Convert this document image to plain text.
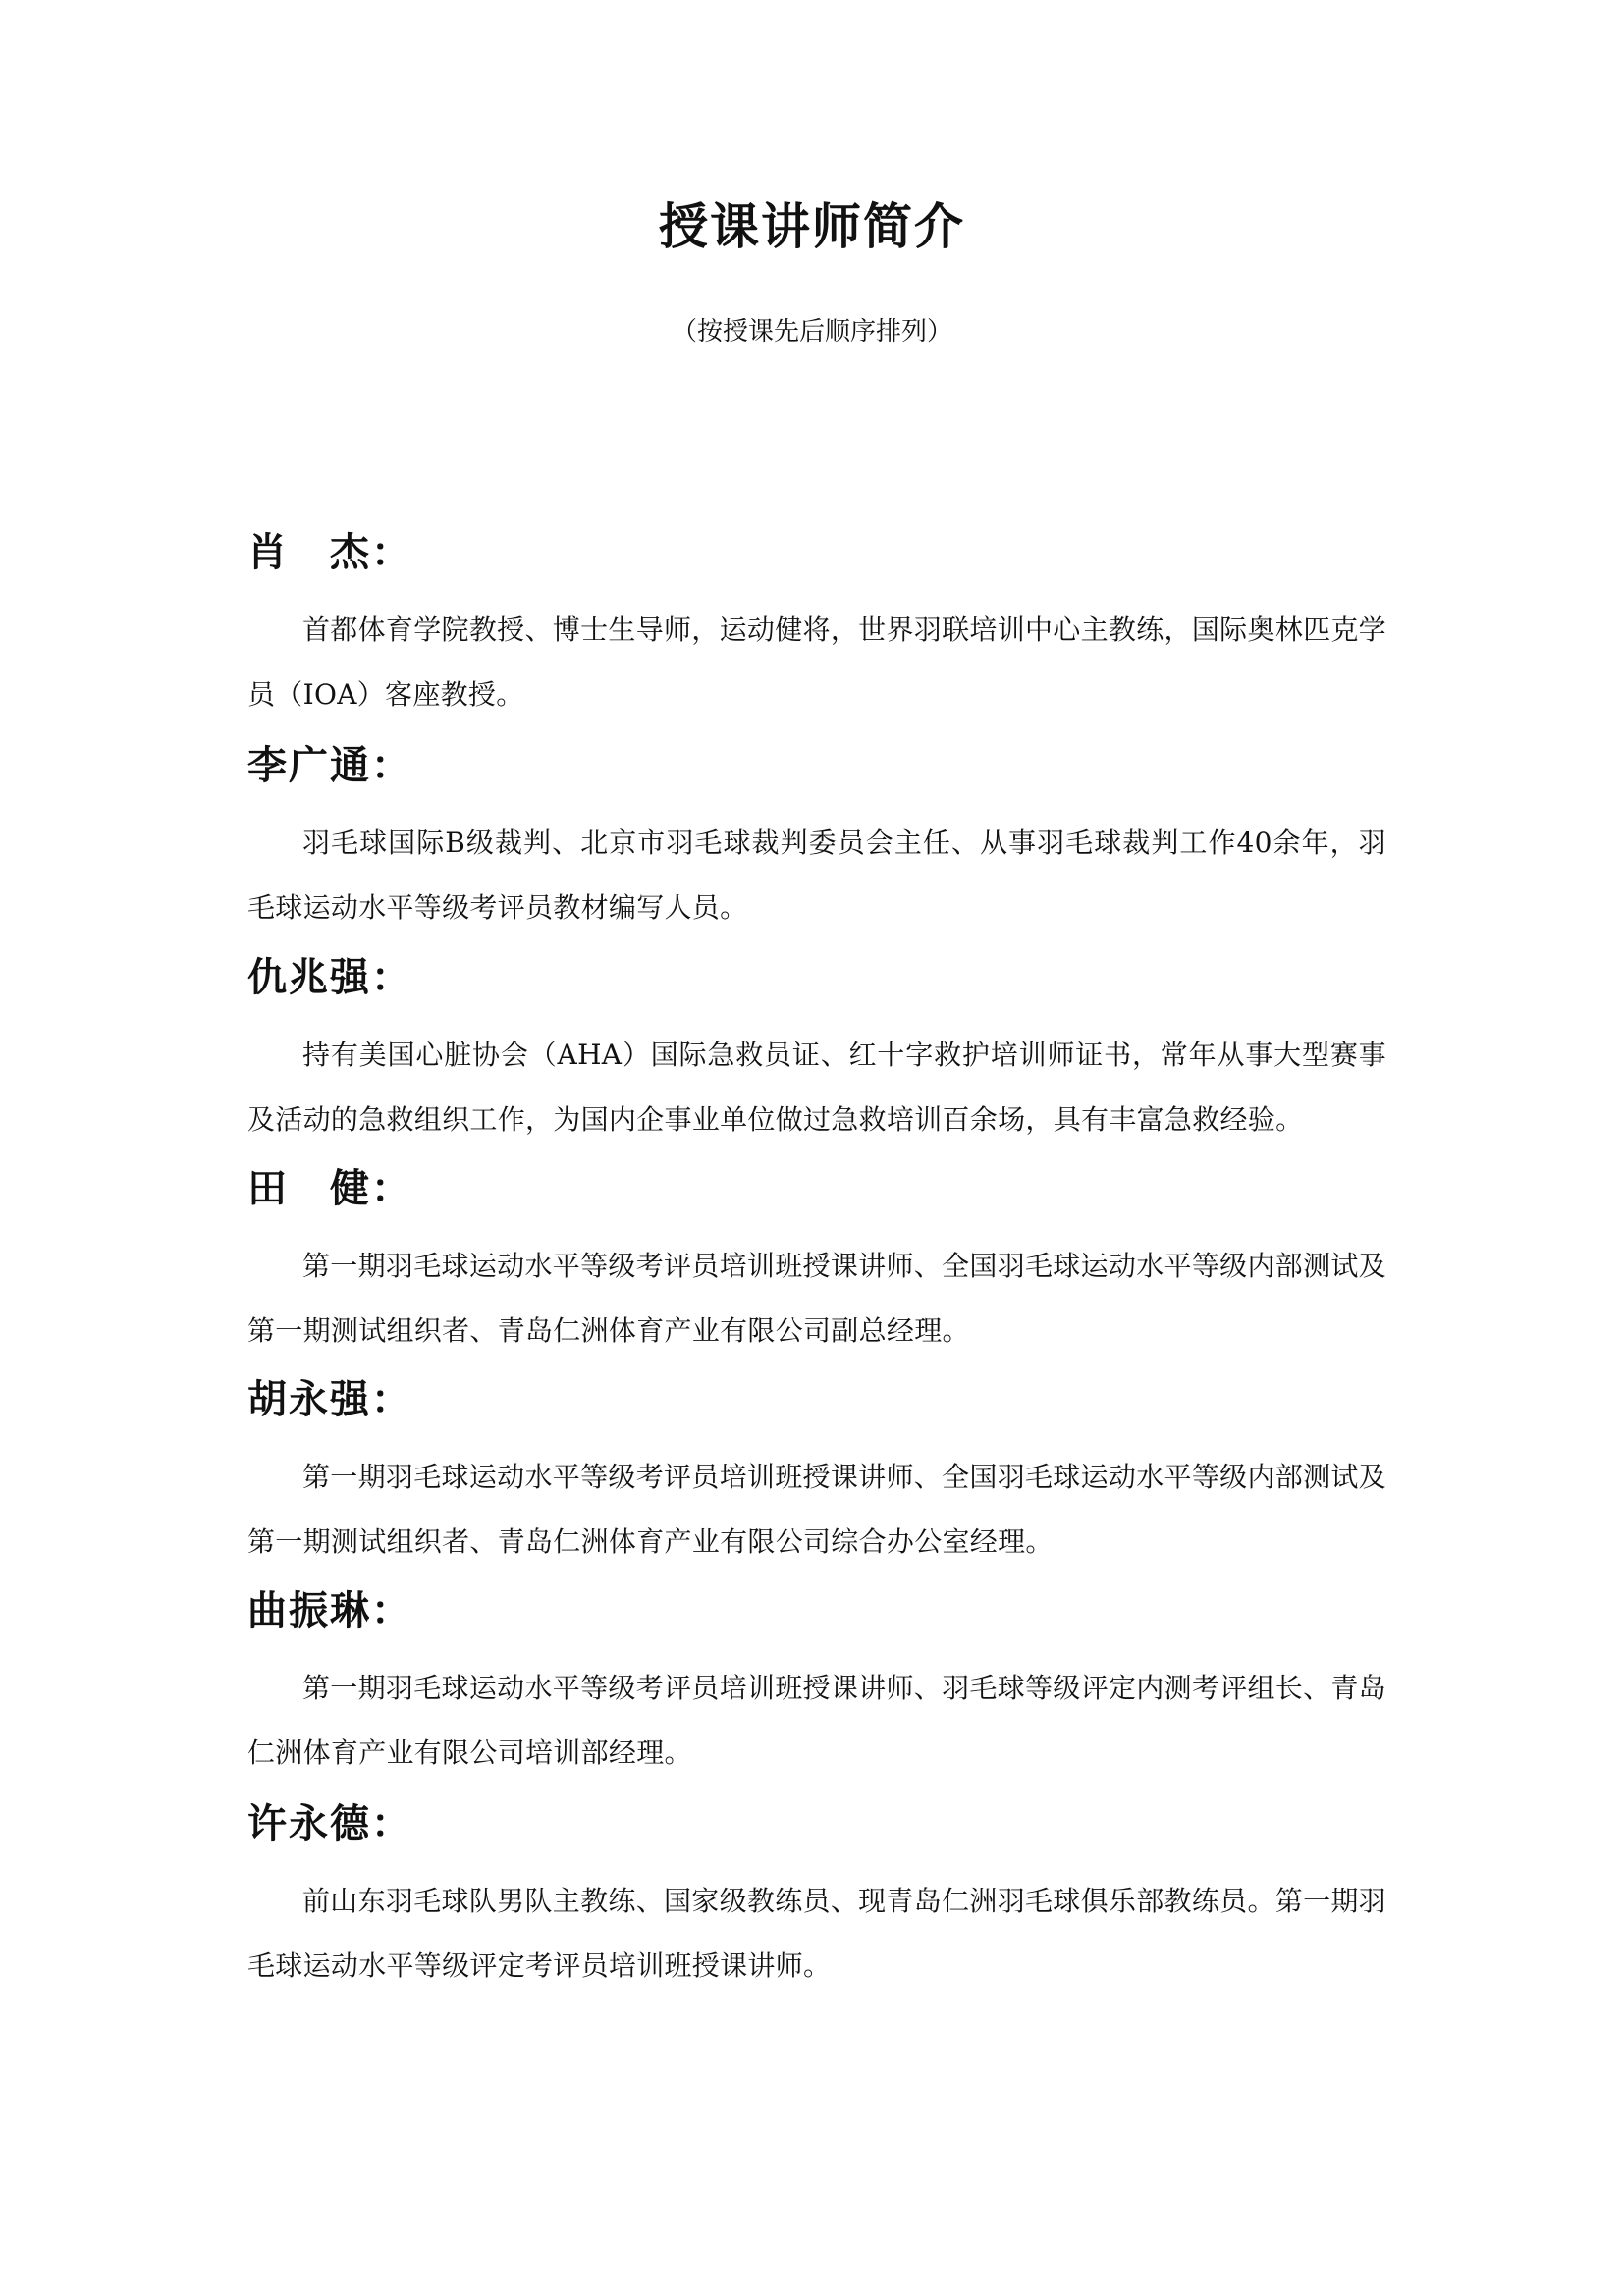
授课讲师简介

（按授课先后顺序排列）

肖　杰：

首都体育学院教授、博士生导师，运动健将，世界羽联培训中心主教练，国际奥林匹克学员（IOA）客座教授。

李广通：

羽毛球国际B级裁判、北京市羽毛球裁判委员会主任、从事羽毛球裁判工作40余年，羽毛球运动水平等级考评员教材编写人员。

仇兆强：

持有美国心脏协会（AHA）国际急救员证、红十字救护培训师证书，常年从事大型赛事及活动的急救组织工作，为国内企事业单位做过急救培训百余场，具有丰富急救经验。

田　健：

第一期羽毛球运动水平等级考评员培训班授课讲师、全国羽毛球运动水平等级内部测试及第一期测试组织者、青岛仁洲体育产业有限公司副总经理。

胡永强：

第一期羽毛球运动水平等级考评员培训班授课讲师、全国羽毛球运动水平等级内部测试及第一期测试组织者、青岛仁洲体育产业有限公司综合办公室经理。

曲振琳：

第一期羽毛球运动水平等级考评员培训班授课讲师、羽毛球等级评定内测考评组长、青岛仁洲体育产业有限公司培训部经理。

许永德：

前山东羽毛球队男队主教练、国家级教练员、现青岛仁洲羽毛球俱乐部教练员。第一期羽毛球运动水平等级评定考评员培训班授课讲师。
